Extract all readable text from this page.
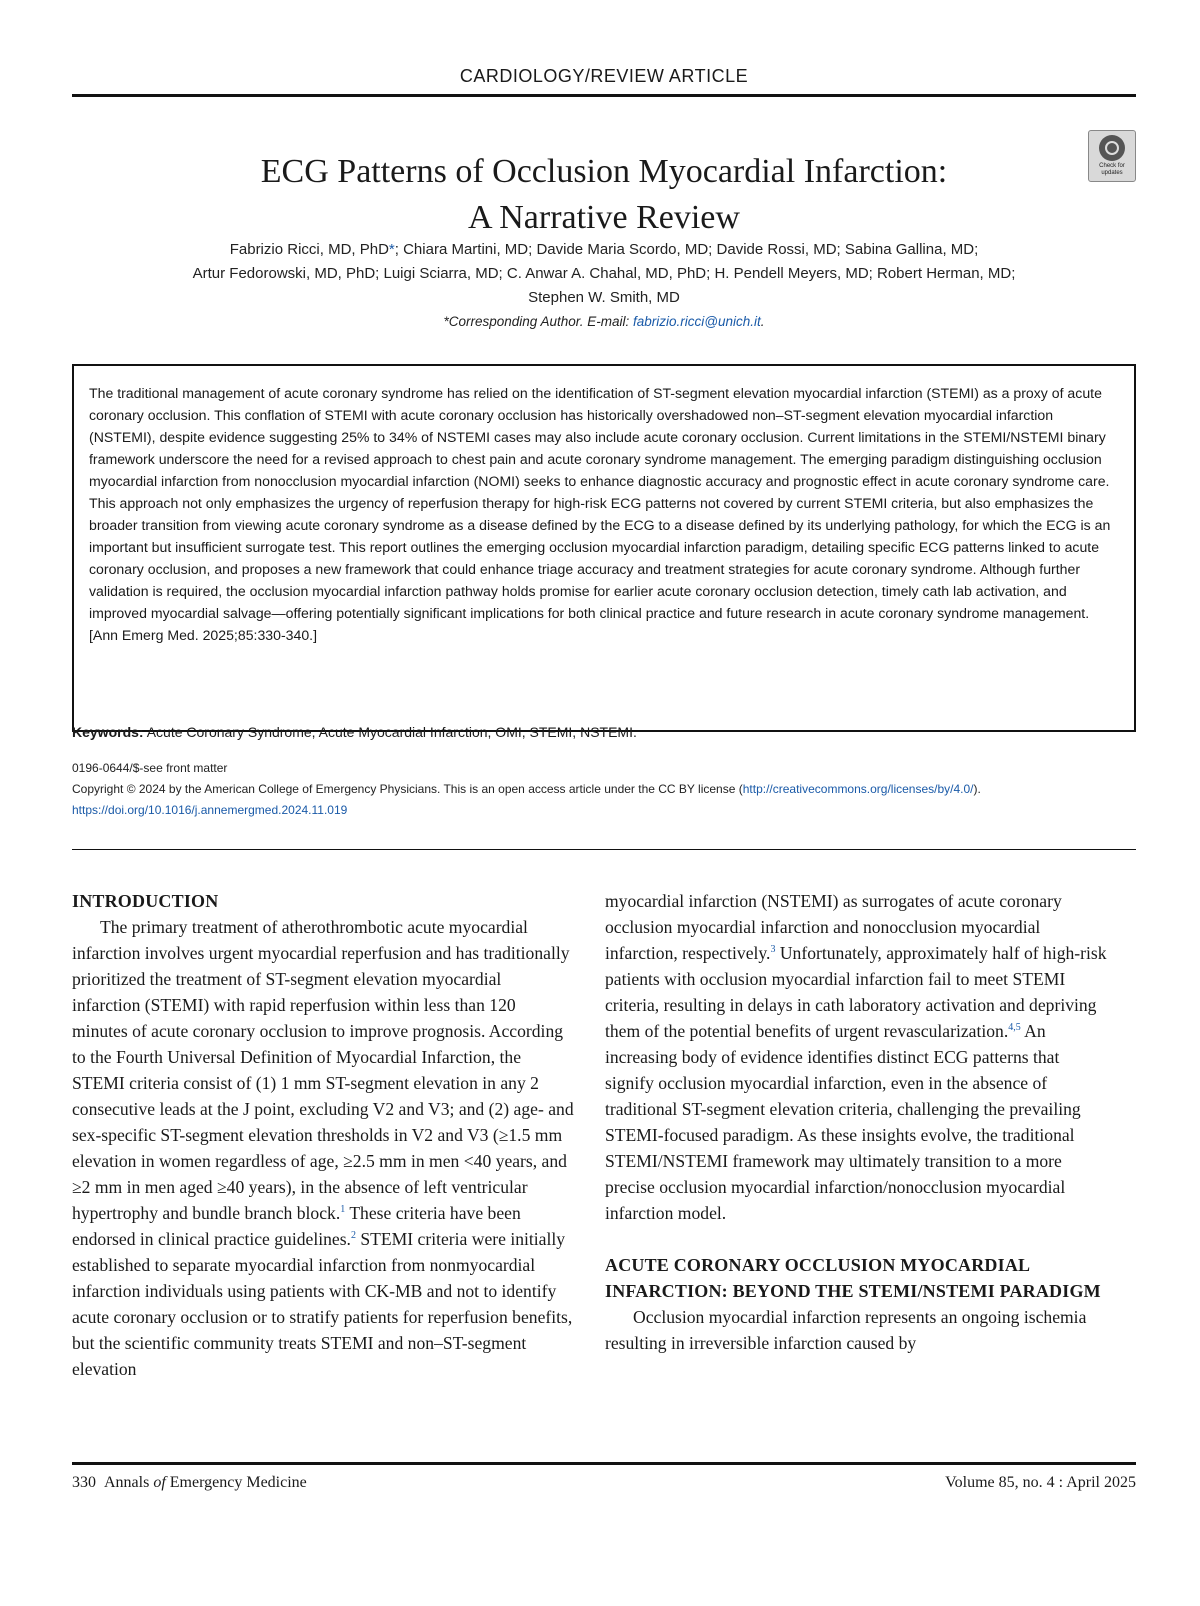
CARDIOLOGY/REVIEW ARTICLE
ECG Patterns of Occlusion Myocardial Infarction:
A Narrative Review
Check for updates
Fabrizio Ricci, MD, PhD*; Chiara Martini, MD; Davide Maria Scordo, MD; Davide Rossi, MD; Sabina Gallina, MD;
Artur Fedorowski, MD, PhD; Luigi Sciarra, MD; C. Anwar A. Chahal, MD, PhD; H. Pendell Meyers, MD; Robert Herman, MD;
Stephen W. Smith, MD
*Corresponding Author. E-mail: fabrizio.ricci@unich.it.
The traditional management of acute coronary syndrome has relied on the identification of ST-segment elevation myocardial infarction (STEMI) as a proxy of acute coronary occlusion. This conflation of STEMI with acute coronary occlusion has historically overshadowed non–ST-segment elevation myocardial infarction (NSTEMI), despite evidence suggesting 25% to 34% of NSTEMI cases may also include acute coronary occlusion. Current limitations in the STEMI/NSTEMI binary framework underscore the need for a revised approach to chest pain and acute coronary syndrome management. The emerging paradigm distinguishing occlusion myocardial infarction from nonocclusion myocardial infarction (NOMI) seeks to enhance diagnostic accuracy and prognostic effect in acute coronary syndrome care. This approach not only emphasizes the urgency of reperfusion therapy for high-risk ECG patterns not covered by current STEMI criteria, but also emphasizes the broader transition from viewing acute coronary syndrome as a disease defined by the ECG to a disease defined by its underlying pathology, for which the ECG is an important but insufficient surrogate test. This report outlines the emerging occlusion myocardial infarction paradigm, detailing specific ECG patterns linked to acute coronary occlusion, and proposes a new framework that could enhance triage accuracy and treatment strategies for acute coronary syndrome. Although further validation is required, the occlusion myocardial infarction pathway holds promise for earlier acute coronary occlusion detection, timely cath lab activation, and improved myocardial salvage—offering potentially significant implications for both clinical practice and future research in acute coronary syndrome management. [Ann Emerg Med. 2025;85:330-340.]
Keywords: Acute Coronary Syndrome, Acute Myocardial Infarction, OMI, STEMI, NSTEMI.
0196-0644/$-see front matter
Copyright © 2024 by the American College of Emergency Physicians. This is an open access article under the CC BY license (http://creativecommons.org/licenses/by/4.0/).
https://doi.org/10.1016/j.annemergmed.2024.11.019
INTRODUCTION

The primary treatment of atherothrombotic acute myocardial infarction involves urgent myocardial reperfusion and has traditionally prioritized the treatment of ST-segment elevation myocardial infarction (STEMI) with rapid reperfusion within less than 120 minutes of acute coronary occlusion to improve prognosis. According to the Fourth Universal Definition of Myocardial Infarction, the STEMI criteria consist of (1) 1 mm ST-segment elevation in any 2 consecutive leads at the J point, excluding V2 and V3; and (2) age- and sex-specific ST-segment elevation thresholds in V2 and V3 (≥1.5 mm elevation in women regardless of age, ≥2.5 mm in men <40 years, and ≥2 mm in men aged ≥40 years), in the absence of left ventricular hypertrophy and bundle branch block.$^1$ These criteria have been endorsed in clinical practice guidelines.$^2$ STEMI criteria were initially established to separate myocardial infarction from nonmyocardial infarction individuals using patients with CK-MB and not to identify acute coronary occlusion or to stratify patients for reperfusion benefits, but the scientific community treats STEMI and non–ST-segment elevation

myocardial infarction (NSTEMI) as surrogates of acute coronary occlusion myocardial infarction and nonocclusion myocardial infarction, respectively.$^3$ Unfortunately, approximately half of high-risk patients with occlusion myocardial infarction fail to meet STEMI criteria, resulting in delays in cath laboratory activation and depriving them of the potential benefits of urgent revascularization.$^{4,5}$ An increasing body of evidence identifies distinct ECG patterns that signify occlusion myocardial infarction, even in the absence of traditional ST-segment elevation criteria, challenging the prevailing STEMI-focused paradigm. As these insights evolve, the traditional STEMI/NSTEMI framework may ultimately transition to a more precise occlusion myocardial infarction/nonocclusion myocardial infarction model.

ACUTE CORONARY OCCLUSION MYOCARDIAL INFARCTION: BEYOND THE STEMI/NSTEMI PARADIGM

Occlusion myocardial infarction represents an ongoing ischemia resulting in irreversible infarction caused by

330 Annals of Emergency Medicine	Volume 85, no. 4 : April 2025
